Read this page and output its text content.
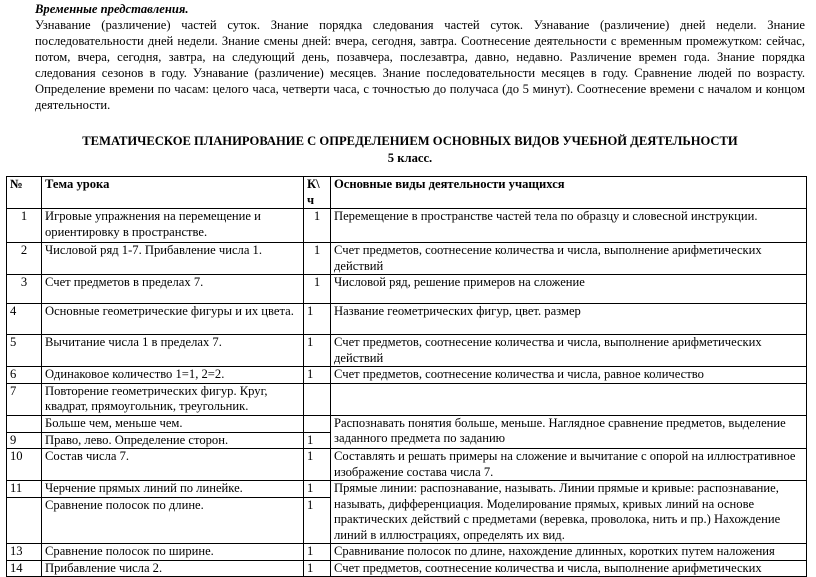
Временные представления.
Узнавание (различение) частей суток. Знание порядка следования частей суток. Узнавание (различение) дней недели. Знание последовательности дней недели. Знание смены дней: вчера, сегодня, завтра. Соотнесение деятельности с временным промежутком: сейчас, потом, вчера, сегодня, завтра, на следующий день, позавчера, послезавтра, давно, недавно. Различение времен года. Знание порядка следования сезонов в году. Узнавание (различение) месяцев. Знание последовательности месяцев в году. Сравнение людей по возрасту. Определение времени по часам: целого часа, четверти часа, с точностью до получаса (до 5 минут). Соотнесение времени с началом и концом деятельности.
ТЕМАТИЧЕСКОЕ ПЛАНИРОВАНИЕ С ОПРЕДЕЛЕНИЕМ ОСНОВНЫХ ВИДОВ УЧЕБНОЙ ДЕЯТЕЛЬНОСТИ
5 класс.
№	Тема урока	К\ ч	Основные виды деятельности учащихся
1	Игровые упражнения на перемещение и ориентировку в пространстве.	1	Перемещение в пространстве частей тела по образцу и словесной инструкции.
2	Числовой ряд 1-7. Прибавление числа 1.	1	Счет предметов, соотнесение количества и числа, выполнение арифметических действий
3	Счет предметов в пределах 7.	1	Числовой ряд, решение примеров на сложение
4	Основные геометрические фигуры и их цвета.	1	Название геометрических фигур, цвет. размер
5	Вычитание числа 1 в пределах 7.	1	Счет предметов, соотнесение количества и числа, выполнение арифметических действий
6	Одинаковое количество 1=1, 2=2.	1	Счет предметов, соотнесение количества и числа, равное количество
7	Повторение геометрических фигур. Круг, квадрат, прямоугольник, треугольник.		
	Больше чем, меньше чем.		Распознавать понятия больше, меньше. Наглядное сравнение предметов, выделение заданного предмета по заданию
9	Право, лево. Определение сторон.	1	
10	Состав числа 7.	1	Составлять и решать примеры на сложение и вычитание с опорой на иллюстративное изображение состава числа 7.
11	Черчение прямых линий по линейке.	1	Прямые линии: распознавание, называть. Линии прямые и кривые: распознавание, называть, дифференциация. Моделирование прямых, кривых линий на основе практических действий с предметами (веревка, проволока, нить и пр.) Нахождение линий в иллюстрациях, определять их вид.
	Сравнение полосок по длине.	1	
13	Сравнение полосок по ширине.	1	Сравнивание полосок по длине, нахождение длинных, коротких путем наложения
14	Прибавление числа 2.	1	Счет предметов, соотнесение количества и числа, выполнение арифметических
